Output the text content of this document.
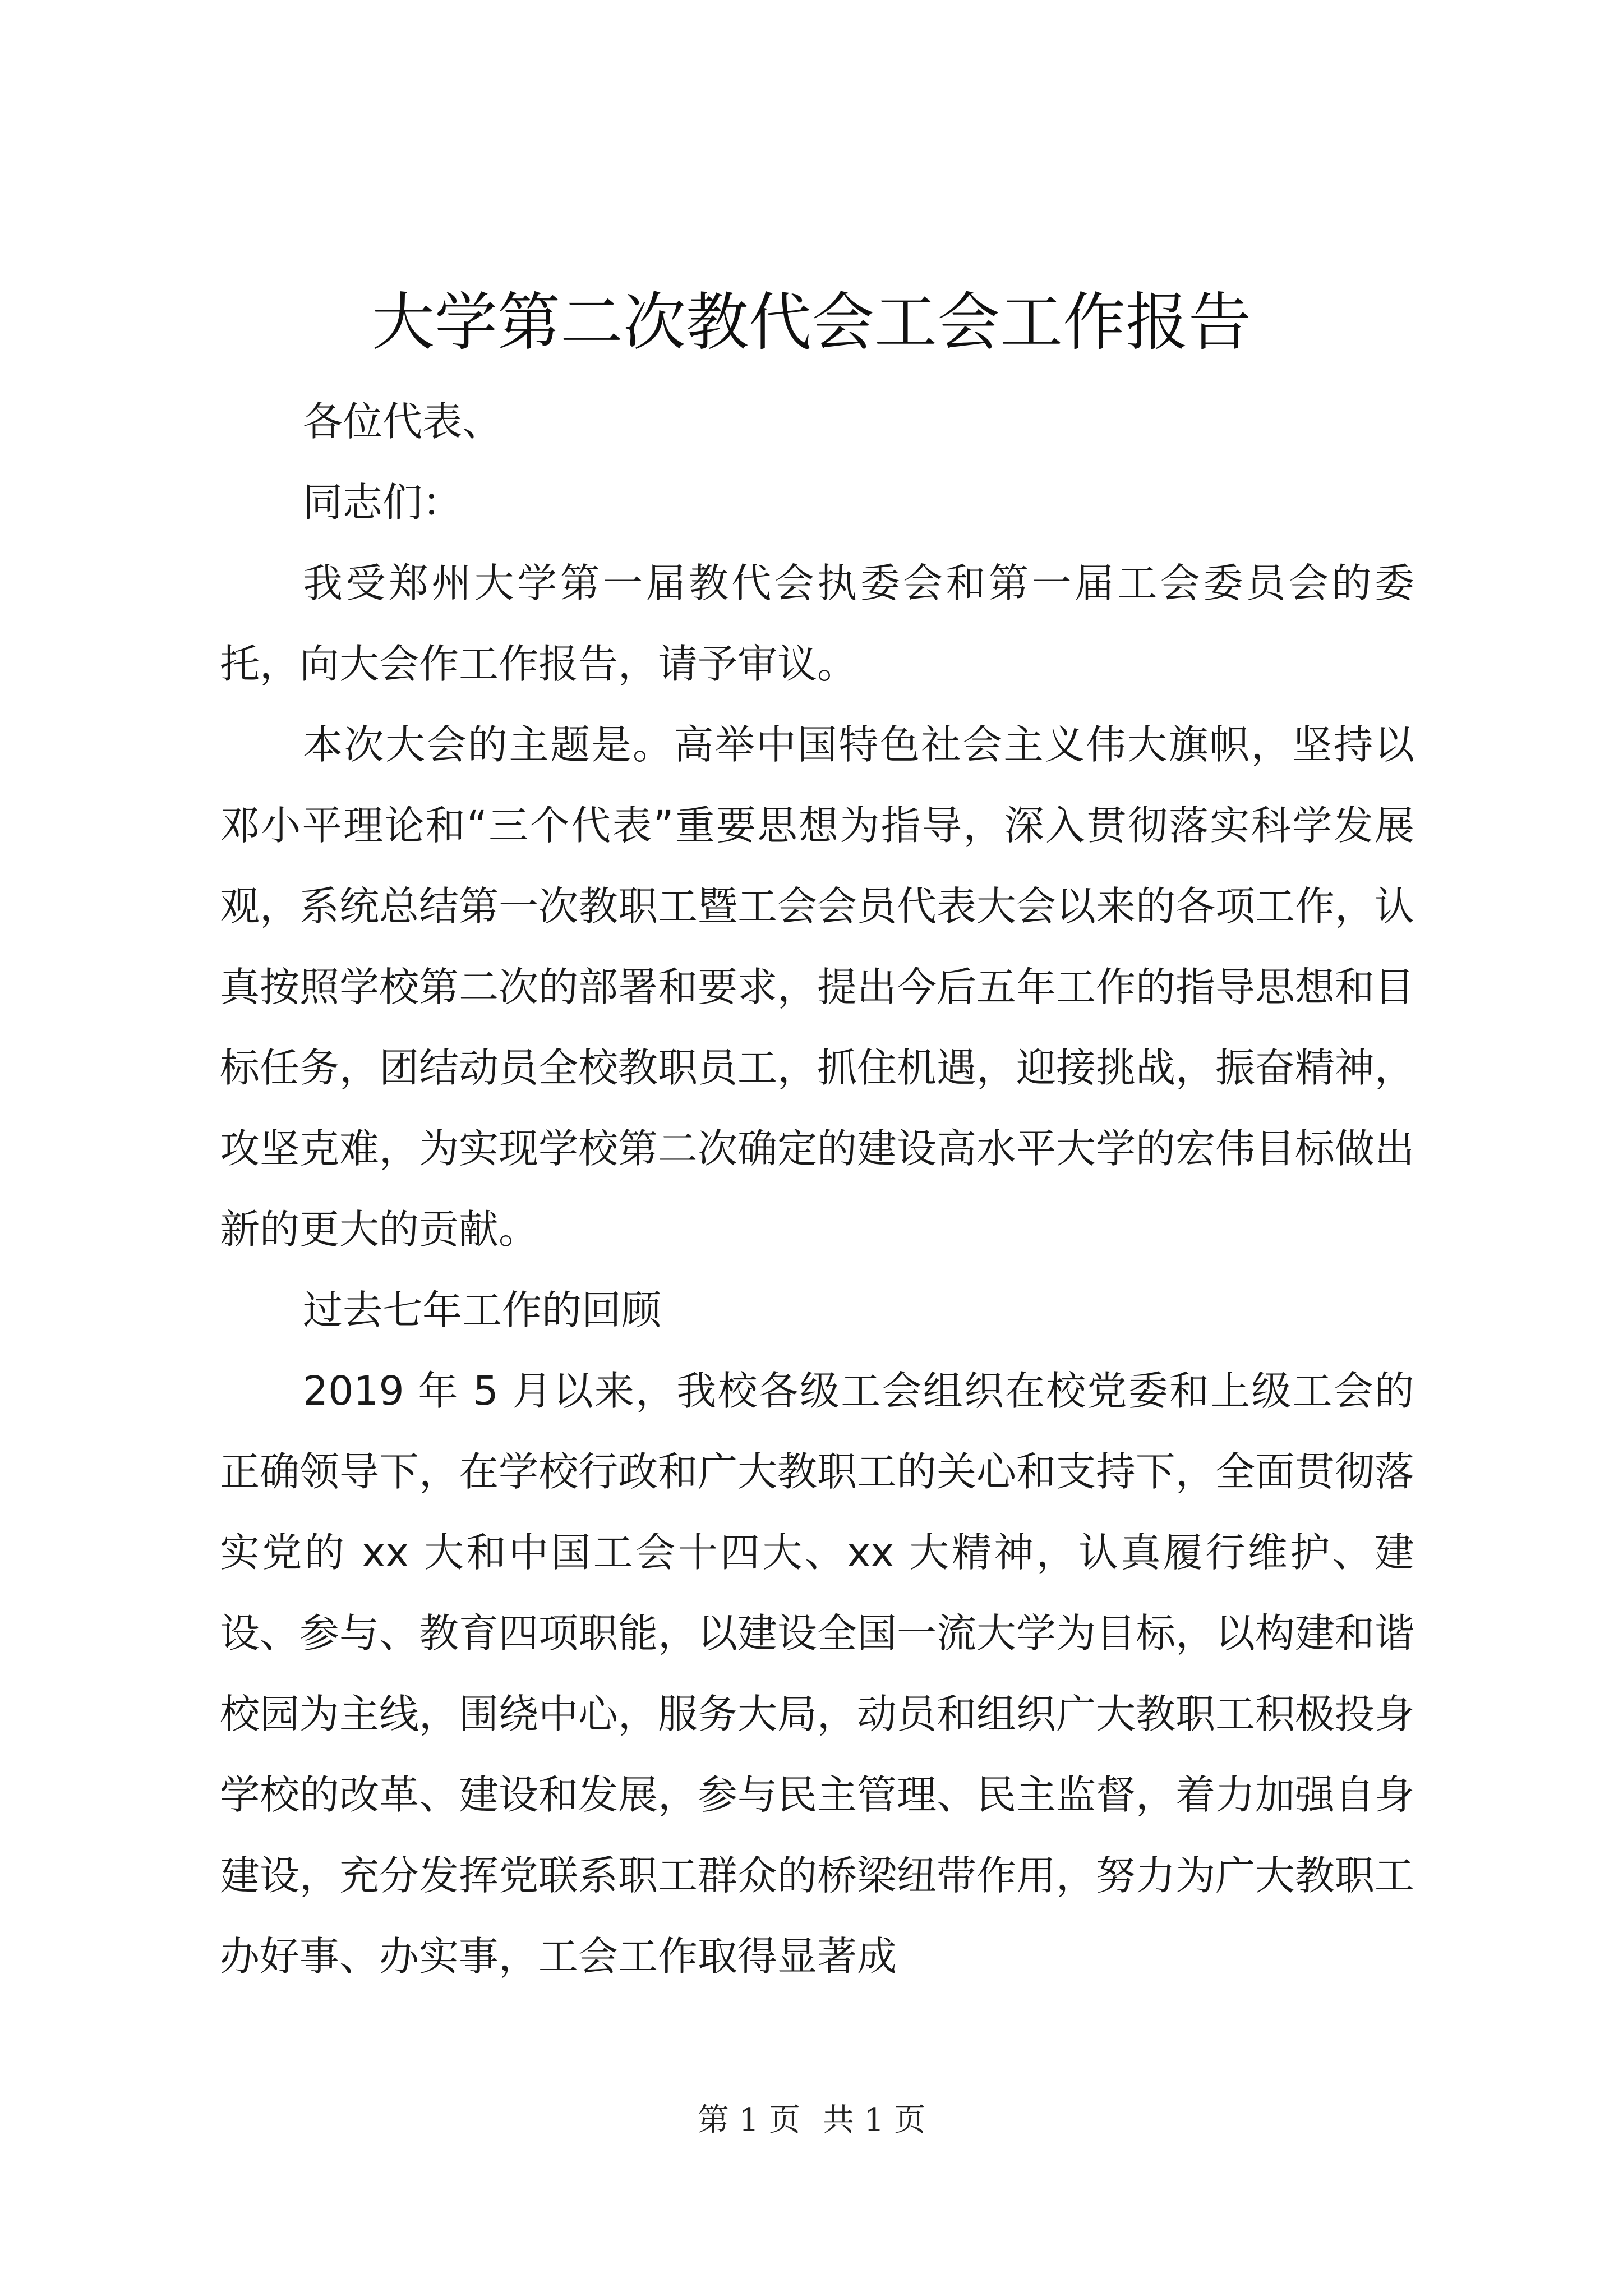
大学第二次教代会工会工作报告

各位代表、

同志们：

我受郑州大学第一届教代会执委会和第一届工会委员会的委托，向大会作工作报告，请予审议。

本次大会的主题是。高举中国特色社会主义伟大旗帜，坚持以邓小平理论和“三个代表”重要思想为指导，深入贯彻落实科学发展观，系统总结第一次教职工暨工会会员代表大会以来的各项工作，认真按照学校第二次的部署和要求，提出今后五年工作的指导思想和目标任务，团结动员全校教职员工，抓住机遇，迎接挑战，振奋精神，攻坚克难，为实现学校第二次确定的建设高水平大学的宏伟目标做出新的更大的贡献。

过去七年工作的回顾

2019 年 5 月以来，我校各级工会组织在校党委和上级工会的正确领导下，在学校行政和广大教职工的关心和支持下，全面贯彻落实党的 xx 大和中国工会十四大、xx 大精神，认真履行维护、建设、参与、教育四项职能，以建设全国一流大学为目标，以构建和谐校园为主线，围绕中心，服务大局，动员和组织广大教职工积极投身学校的改革、建设和发展，参与民主管理、民主监督，着力加强自身建设，充分发挥党联系职工群众的桥梁纽带作用，努力为广大教职工办好事、办实事，工会工作取得显著成

第 1 页 共 1 页
